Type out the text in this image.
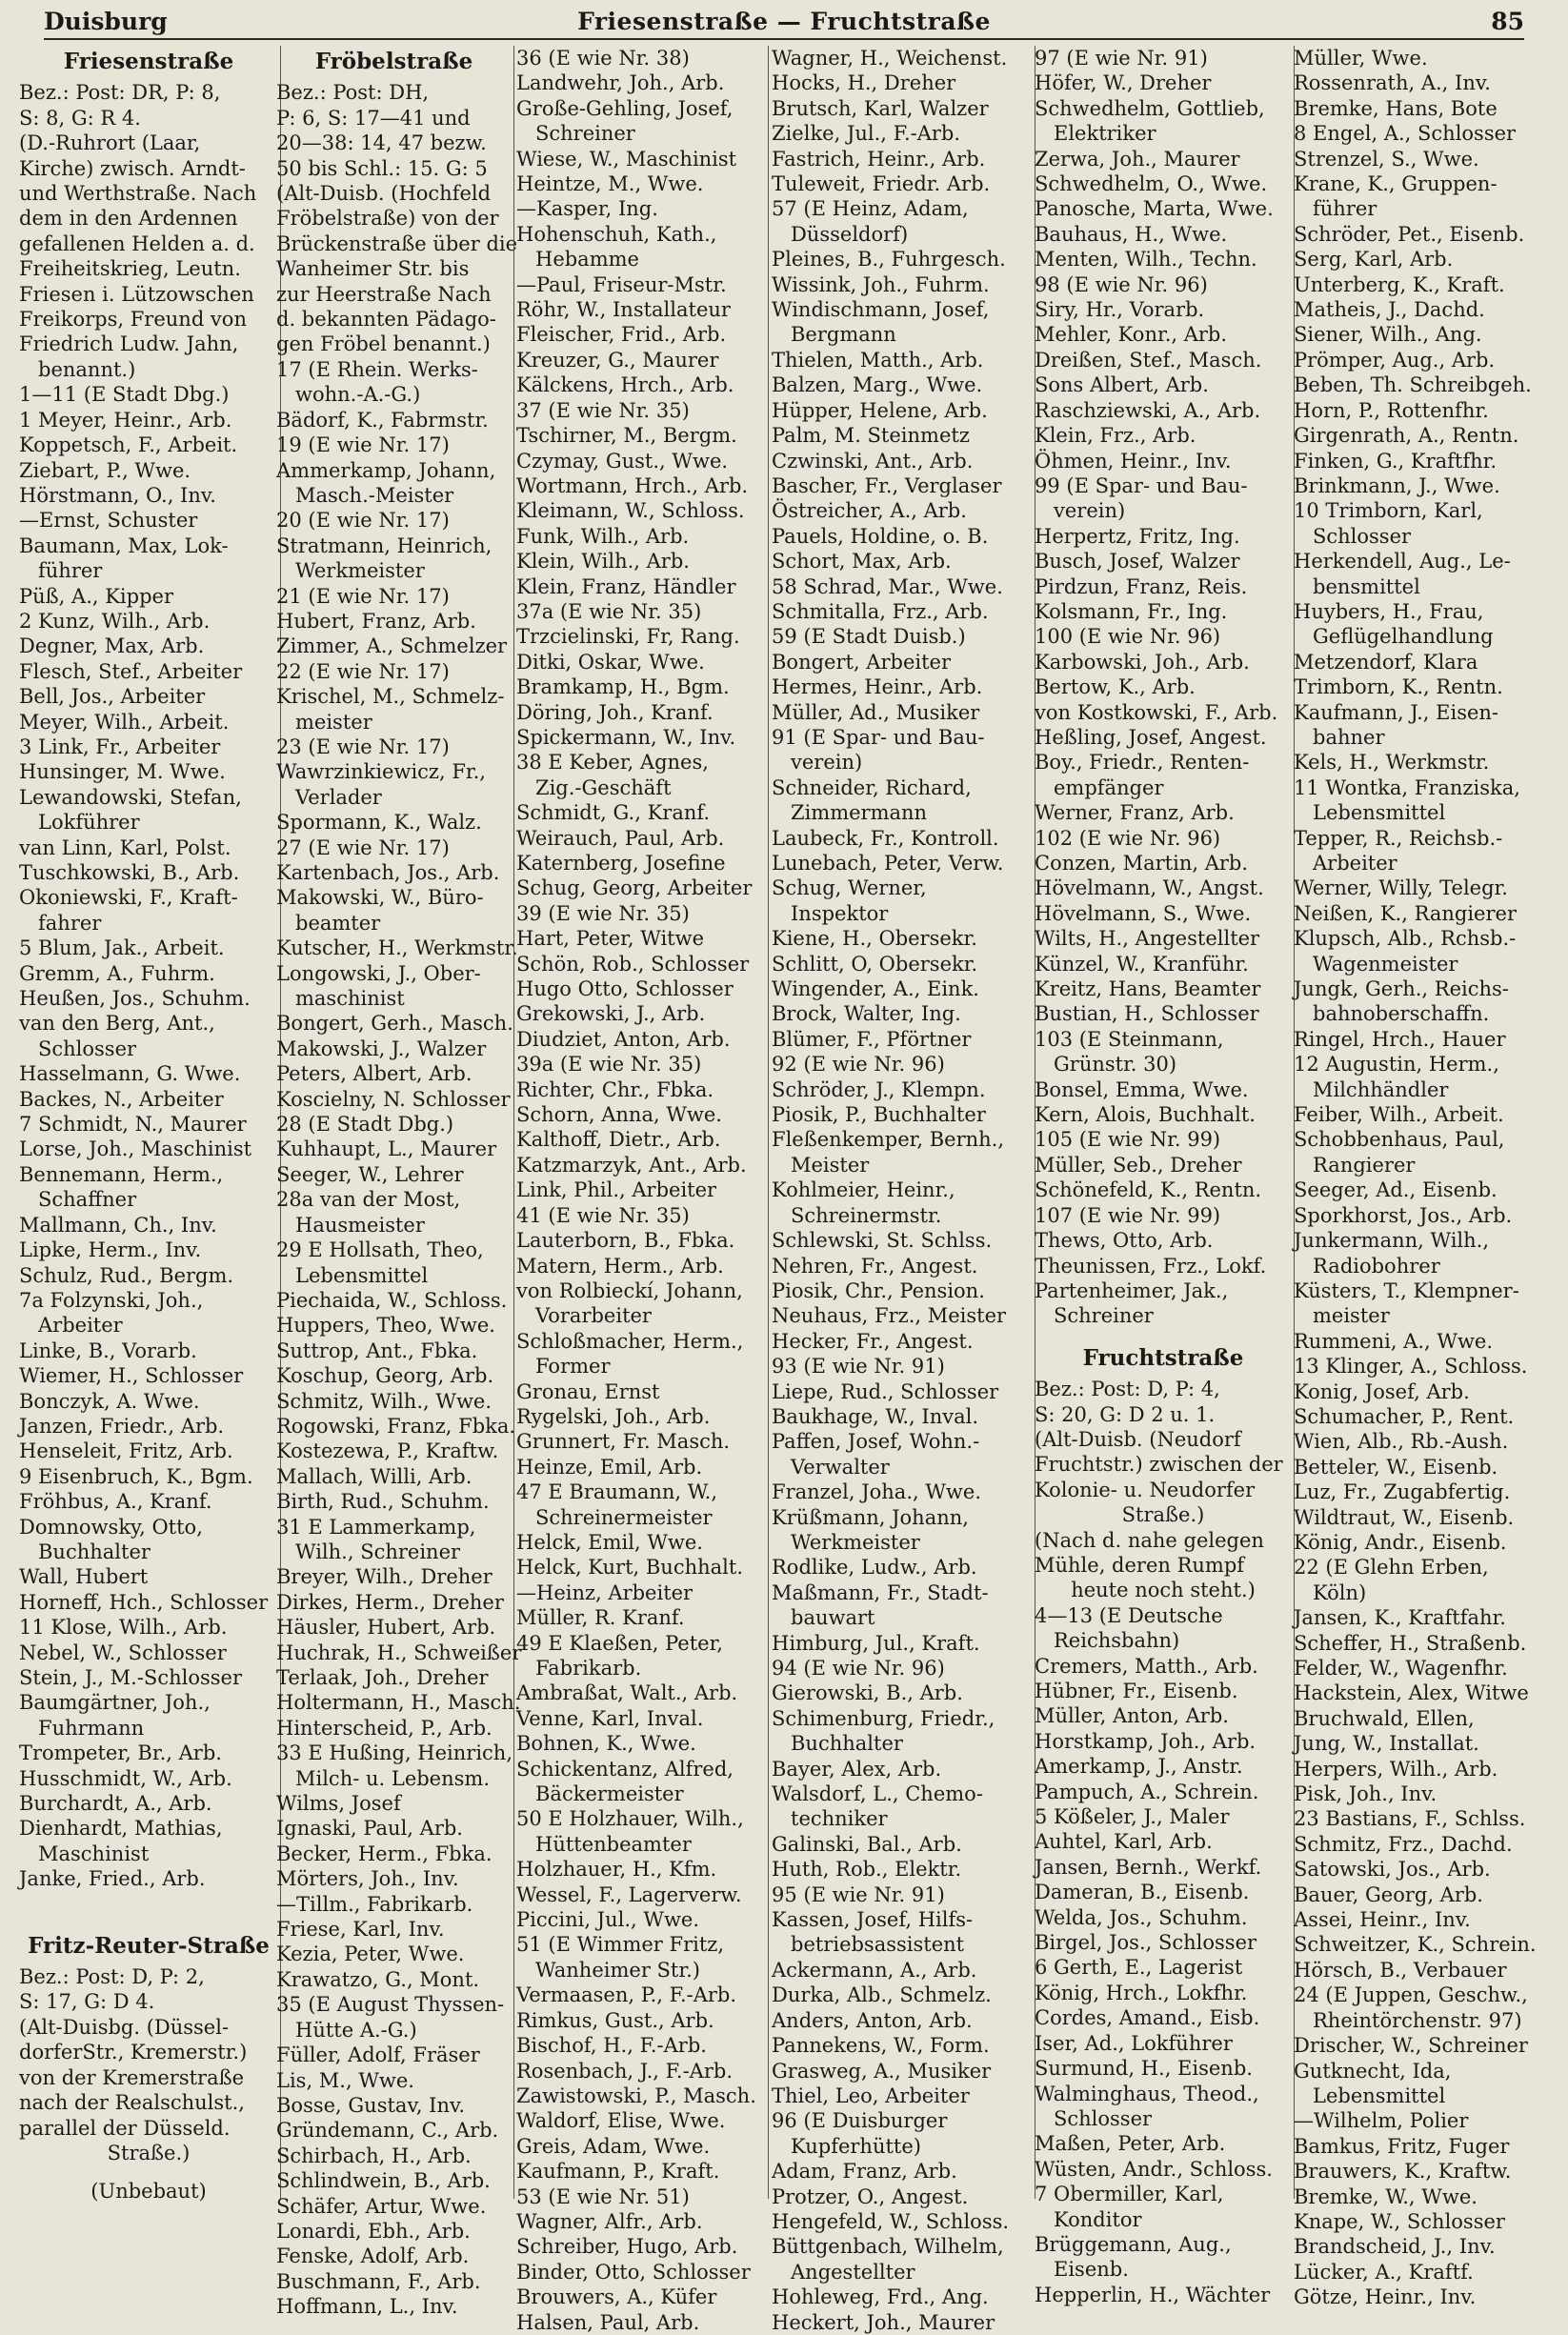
Duisburg	Friesenstraße — Fruchtstraße	85
Friesenstraße
Bez.: Post: DR, P: 8,
S: 8, G: R 4.
(D.-Ruhrort (Laar,
Kirche) zwisch. Arndt-
und Werthstraße. Nach
dem in den Ardennen
gefallenen Helden a. d.
Freiheitskrieg, Leutn.
Friesen i. Lützowschen
Freikorps, Freund von
Friedrich Ludw. Jahn,
benannt.)
1—11 (E Stadt Dbg.)
1 Meyer, Heinr., Arb.
Koppetsch, F., Arbeit.
Ziebart, P., Wwe.
Hörstmann, O., Inv.
—Ernst, Schuster
Baumann, Max, Lok-
führer
Püß, A., Kipper
2 Kunz, Wilh., Arb.
Degner, Max, Arb.
Flesch, Stef., Arbeiter
Bell, Jos., Arbeiter
Meyer, Wilh., Arbeit.
3 Link, Fr., Arbeiter
Hunsinger, M. Wwe.
Lewandowski, Stefan,
Lokführer
van Linn, Karl, Polst.
Tuschkowski, B., Arb.
Okoniewski, F., Kraft-
fahrer
5 Blum, Jak., Arbeit.
Gremm, A., Fuhrm.
Heußen, Jos., Schuhm.
van den Berg, Ant.,
Schlosser
Hasselmann, G. Wwe.
Backes, N., Arbeiter
7 Schmidt, N., Maurer
Lorse, Joh., Maschinist
Bennemann, Herm.,
Schaffner
Mallmann, Ch., Inv.
Lipke, Herm., Inv.
Schulz, Rud., Bergm.
7a Folzynski, Joh.,
Arbeiter
Linke, B., Vorarb.
Wiemer, H., Schlosser
Bonczyk, A. Wwe.
Janzen, Friedr., Arb.
Henseleit, Fritz, Arb.
9 Eisenbruch, K., Bgm.
Fröhbus, A., Kranf.
Domnowsky, Otto,
Buchhalter
Wall, Hubert
Horneff, Hch., Schlosser
11 Klose, Wilh., Arb.
Nebel, W., Schlosser
Stein, J., M.-Schlosser
Baumgärtner, Joh.,
Fuhrmann
Trompeter, Br., Arb.
Husschmidt, W., Arb.
Burchardt, A., Arb.
Dienhardt, Mathias,
Maschinist
Janke, Fried., Arb.
Fritz-Reuter-Straße
Bez.: Post: D, P: 2,
S: 17, G: D 4.
(Alt-Duisbg. (Düssel-
dorferStr., Kremerstr.)
von der Kremerstraße
nach der Realschulst.,
parallel der Düsseld.
Straße.)
(Unbebaut)
Fröbelstraße
Bez.: Post: DH,
P: 6, S: 17—41 und
20—38: 14, 47 bezw.
50 bis Schl.: 15. G: 5
(Alt-Duisb. (Hochfeld
Fröbelstraße) von der
Brückenstraße über die
Wanheimer Str. bis
zur Heerstraße Nach
d. bekannten Pädago-
gen Fröbel benannt.)
17 (E Rhein. Werks-
wohn.-A.-G.)
Bädorf, K., Fabrmstr.
19 (E wie Nr. 17)
Ammerkamp, Johann,
Masch.-Meister
20 (E wie Nr. 17)
Stratmann, Heinrich,
Werkmeister
21 (E wie Nr. 17)
Hubert, Franz, Arb.
Zimmer, A., Schmelzer
22 (E wie Nr. 17)
Krischel, M., Schmelz-
meister
23 (E wie Nr. 17)
Wawrzinkiewicz, Fr.,
Verlader
Spormann, K., Walz.
27 (E wie Nr. 17)
Kartenbach, Jos., Arb.
Makowski, W., Büro-
beamter
Kutscher, H., Werkmstr.
Longowski, J., Ober-
maschinist
Bongert, Gerh., Masch.
Makowski, J., Walzer
Peters, Albert, Arb.
Koscielny, N. Schlosser
28 (E Stadt Dbg.)
Kuhhaupt, L., Maurer
Seeger, W., Lehrer
28a van der Most,
Hausmeister
29 E Hollsath, Theo,
Lebensmittel
Piechaida, W., Schloss.
Huppers, Theo, Wwe.
Suttrop, Ant., Fbka.
Koschup, Georg, Arb.
Schmitz, Wilh., Wwe.
Rogowski, Franz, Fbka.
Kostezewa, P., Kraftw.
Mallach, Willi, Arb.
Birth, Rud., Schuhm.
31 E Lammerkamp,
Wilh., Schreiner
Breyer, Wilh., Dreher
Dirkes, Herm., Dreher
Häusler, Hubert, Arb.
Huchrak, H., Schweißer
Terlaak, Joh., Dreher
Holtermann, H., Masch.
Hinterscheid, P., Arb.
33 E Hußing, Heinrich,
Milch- u. Lebensm.
Wilms, Josef
Ignaski, Paul, Arb.
Becker, Herm., Fbka.
Mörters, Joh., Inv.
—Tillm., Fabrikarb.
Friese, Karl, Inv.
Kezia, Peter, Wwe.
Krawatzo, G., Mont.
35 (E August Thyssen-
Hütte A.-G.)
Füller, Adolf, Fräser
Lis, M., Wwe.
Bosse, Gustav, Inv.
Gründemann, C., Arb.
Schirbach, H., Arb.
Schlindwein, B., Arb.
Schäfer, Artur, Wwe.
Lonardi, Ebh., Arb.
Fenske, Adolf, Arb.
Buschmann, F., Arb.
Hoffmann, L., Inv.
36 (E wie Nr. 38)
Landwehr, Joh., Arb.
Große-Gehling, Josef,
Schreiner
Wiese, W., Maschinist
Heintze, M., Wwe.
—Kasper, Ing.
Hohenschuh, Kath.,
Hebamme
—Paul, Friseur-Mstr.
Röhr, W., Installateur
Fleischer, Frid., Arb.
Kreuzer, G., Maurer
Kälckens, Hrch., Arb.
37 (E wie Nr. 35)
Tschirner, M., Bergm.
Czymay, Gust., Wwe.
Wortmann, Hrch., Arb.
Kleimann, W., Schloss.
Funk, Wilh., Arb.
Klein, Wilh., Arb.
Klein, Franz, Händler
37a (E wie Nr. 35)
Trzcielinski, Fr, Rang.
Ditki, Oskar, Wwe.
Bramkamp, H., Bgm.
Döring, Joh., Kranf.
Spickermann, W., Inv.
38 E Keber, Agnes,
Zig.-Geschäft
Schmidt, G., Kranf.
Weirauch, Paul, Arb.
Katernberg, Josefine
Schug, Georg, Arbeiter
39 (E wie Nr. 35)
Hart, Peter, Witwe
Schön, Rob., Schlosser
Hugo Otto, Schlosser
Grekowski, J., Arb.
Diudziet, Anton, Arb.
39a (E wie Nr. 35)
Richter, Chr., Fbka.
Schorn, Anna, Wwe.
Kalthoff, Dietr., Arb.
Katzmarzyk, Ant., Arb.
Link, Phil., Arbeiter
41 (E wie Nr. 35)
Lauterborn, B., Fbka.
Matern, Herm., Arb.
von Rolbieckí, Johann,
Vorarbeiter
Schloßmacher, Herm.,
Former
Gronau, Ernst
Rygelski, Joh., Arb.
Grunnert, Fr. Masch.
Heinze, Emil, Arb.
47 E Braumann, W.,
Schreinermeister
Helck, Emil, Wwe.
Helck, Kurt, Buchhalt.
—Heinz, Arbeiter
Müller, R. Kranf.
49 E Klaeßen, Peter,
Fabrikarb.
Ambraßat, Walt., Arb.
Venne, Karl, Inval.
Bohnen, K., Wwe.
Schickentanz, Alfred,
Bäckermeister
50 E Holzhauer, Wilh.,
Hüttenbeamter
Holzhauer, H., Kfm.
Wessel, F., Lagerverw.
Piccini, Jul., Wwe.
51 (E Wimmer Fritz,
Wanheimer Str.)
Vermaasen, P., F.-Arb.
Rimkus, Gust., Arb.
Bischof, H., F.-Arb.
Rosenbach, J., F.-Arb.
Zawistowski, P., Masch.
Waldorf, Elise, Wwe.
Greis, Adam, Wwe.
Kaufmann, P., Kraft.
53 (E wie Nr. 51)
Wagner, Alfr., Arb.
Schreiber, Hugo, Arb.
Binder, Otto, Schlosser
Brouwers, A., Küfer
Halsen, Paul, Arb.
Wagner, H., Weichenst.
Hocks, H., Dreher
Brutsch, Karl, Walzer
Zielke, Jul., F.-Arb.
Fastrich, Heinr., Arb.
Tuleweit, Friedr. Arb.
57 (E Heinz, Adam,
Düsseldorf)
Pleines, B., Fuhrgesch.
Wissink, Joh., Fuhrm.
Windischmann, Josef,
Bergmann
Thielen, Matth., Arb.
Balzen, Marg., Wwe.
Hüpper, Helene, Arb.
Palm, M. Steinmetz
Czwinski, Ant., Arb.
Bascher, Fr., Verglaser
Östreicher, A., Arb.
Pauels, Holdine, o. B.
Schort, Max, Arb.
58 Schrad, Mar., Wwe.
Schmitalla, Frz., Arb.
59 (E Stadt Duisb.)
Bongert, Arbeiter
Hermes, Heinr., Arb.
Müller, Ad., Musiker
91 (E Spar- und Bau-
verein)
Schneider, Richard,
Zimmermann
Laubeck, Fr., Kontroll.
Lunebach, Peter, Verw.
Schug, Werner,
Inspektor
Kiene, H., Obersekr.
Schlitt, O, Obersekr.
Wingender, A., Eink.
Brock, Walter, Ing.
Blümer, F., Pförtner
92 (E wie Nr. 96)
Schröder, J., Klempn.
Piosik, P., Buchhalter
Fleßenkemper, Bernh.,
Meister
Kohlmeier, Heinr.,
Schreinermstr.
Schlewski, St. Schlss.
Nehren, Fr., Angest.
Piosik, Chr., Pension.
Neuhaus, Frz., Meister
Hecker, Fr., Angest.
93 (E wie Nr. 91)
Liepe, Rud., Schlosser
Baukhage, W., Inval.
Paffen, Josef, Wohn.-
Verwalter
Franzel, Joha., Wwe.
Krüßmann, Johann,
Werkmeister
Rodlike, Ludw., Arb.
Maßmann, Fr., Stadt-
bauwart
Himburg, Jul., Kraft.
94 (E wie Nr. 96)
Gierowski, B., Arb.
Schimenburg, Friedr.,
Buchhalter
Bayer, Alex, Arb.
Walsdorf, L., Chemo-
techniker
Galinski, Bal., Arb.
Huth, Rob., Elektr.
95 (E wie Nr. 91)
Kassen, Josef, Hilfs-
betriebsassistent
Ackermann, A., Arb.
Durka, Alb., Schmelz.
Anders, Anton, Arb.
Pannekens, W., Form.
Grasweg, A., Musiker
Thiel, Leo, Arbeiter
96 (E Duisburger
Kupferhütte)
Adam, Franz, Arb.
Protzer, O., Angest.
Hengefeld, W., Schloss.
Büttgenbach, Wilhelm,
Angestellter
Hohleweg, Frd., Ang.
Heckert, Joh., Maurer
97 (E wie Nr. 91)
Höfer, W., Dreher
Schwedhelm, Gottlieb,
Elektriker
Zerwa, Joh., Maurer
Schwedhelm, O., Wwe.
Panosche, Marta, Wwe.
Bauhaus, H., Wwe.
Menten, Wilh., Techn.
98 (E wie Nr. 96)
Siry, Hr., Vorarb.
Mehler, Konr., Arb.
Dreißen, Stef., Masch.
Sons Albert, Arb.
Raschziewski, A., Arb.
Klein, Frz., Arb.
Öhmen, Heinr., Inv.
99 (E Spar- und Bau-
verein)
Herpertz, Fritz, Ing.
Busch, Josef, Walzer
Pirdzun, Franz, Reis.
Kolsmann, Fr., Ing.
100 (E wie Nr. 96)
Karbowski, Joh., Arb.
Bertow, K., Arb.
von Kostkowski, F., Arb.
Heßling, Josef, Angest.
Boy., Friedr., Renten-
empfänger
Werner, Franz, Arb.
102 (E wie Nr. 96)
Conzen, Martin, Arb.
Hövelmann, W., Angst.
Hövelmann, S., Wwe.
Wilts, H., Angestellter
Künzel, W., Kranführ.
Kreitz, Hans, Beamter
Bustian, H., Schlosser
103 (E Steinmann,
Grünstr. 30)
Bonsel, Emma, Wwe.
Kern, Alois, Buchhalt.
105 (E wie Nr. 99)
Müller, Seb., Dreher
Schönefeld, K., Rentn.
107 (E wie Nr. 99)
Thews, Otto, Arb.
Theunissen, Frz., Lokf.
Partenheimer, Jak.,
Schreiner
Fruchtstraße
Bez.: Post: D, P: 4,
S: 20, G: D 2 u. 1.
(Alt-Duisb. (Neudorf
Fruchtstr.) zwischen der
Kolonie- u. Neudorfer
Straße.)
(Nach d. nahe gelegen
Mühle, deren Rumpf
heute noch steht.)
4—13 (E Deutsche
Reichsbahn)
Cremers, Matth., Arb.
Hübner, Fr., Eisenb.
Müller, Anton, Arb.
Horstkamp, Joh., Arb.
Amerkamp, J., Anstr.
Pampuch, A., Schrein.
5 Kößeler, J., Maler
Auhtel, Karl, Arb.
Jansen, Bernh., Werkf.
Dameran, B., Eisenb.
Welda, Jos., Schuhm.
Birgel, Jos., Schlosser
6 Gerth, E., Lagerist
König, Hrch., Lokfhr.
Cordes, Amand., Eisb.
Iser, Ad., Lokführer
Surmund, H., Eisenb.
Walminghaus, Theod.,
Schlosser
Maßen, Peter, Arb.
Wüsten, Andr., Schloss.
7 Obermiller, Karl,
Konditor
Brüggemann, Aug.,
Eisenb.
Hepperlin, H., Wächter
Müller, Wwe.
Rossenrath, A., Inv.
Bremke, Hans, Bote
8 Engel, A., Schlosser
Strenzel, S., Wwe.
Krane, K., Gruppen-
führer
Schröder, Pet., Eisenb.
Serg, Karl, Arb.
Unterberg, K., Kraft.
Matheis, J., Dachd.
Siener, Wilh., Ang.
Prömper, Aug., Arb.
Beben, Th. Schreibgeh.
Horn, P., Rottenfhr.
Girgenrath, A., Rentn.
Finken, G., Kraftfhr.
Brinkmann, J., Wwe.
10 Trimborn, Karl,
Schlosser
Herkendell, Aug., Le-
bensmittel
Huybers, H., Frau,
Geflügelhandlung
Metzendorf, Klara
Trimborn, K., Rentn.
Kaufmann, J., Eisen-
bahner
Kels, H., Werkmstr.
11 Wontka, Franziska,
Lebensmittel
Tepper, R., Reichsb.-
Arbeiter
Werner, Willy, Telegr.
Neißen, K., Rangierer
Klupsch, Alb., Rchsb.-
Wagenmeister
Jungk, Gerh., Reichs-
bahnoberschaffn.
Ringel, Hrch., Hauer
12 Augustin, Herm.,
Milchhändler
Feiber, Wilh., Arbeit.
Schobbenhaus, Paul,
Rangierer
Seeger, Ad., Eisenb.
Sporkhorst, Jos., Arb.
Junkermann, Wilh.,
Radiobohrer
Küsters, T., Klempner-
meister
Rummeni, A., Wwe.
13 Klinger, A., Schloss.
Konig, Josef, Arb.
Schumacher, P., Rent.
Wien, Alb., Rb.-Aush.
Betteler, W., Eisenb.
Luz, Fr., Zugabfertig.
Wildtraut, W., Eisenb.
König, Andr., Eisenb.
22 (E Glehn Erben,
Köln)
Jansen, K., Kraftfahr.
Scheffer, H., Straßenb.
Felder, W., Wagenfhr.
Hackstein, Alex, Witwe
Bruchwald, Ellen,
Jung, W., Installat.
Herpers, Wilh., Arb.
Pisk, Joh., Inv.
23 Bastians, F., Schlss.
Schmitz, Frz., Dachd.
Satowski, Jos., Arb.
Bauer, Georg, Arb.
Assei, Heinr., Inv.
Schweitzer, K., Schrein.
Hörsch, B., Verbauer
24 (E Juppen, Geschw.,
Rheintörchenstr. 97)
Drischer, W., Schreiner
Gutknecht, Ida,
Lebensmittel
—Wilhelm, Polier
Bamkus, Fritz, Fuger
Brauwers, K., Kraftw.
Bremke, W., Wwe.
Knape, W., Schlosser
Brandscheid, J., Inv.
Lücker, A., Kraftf.
Götze, Heinr., Inv.
